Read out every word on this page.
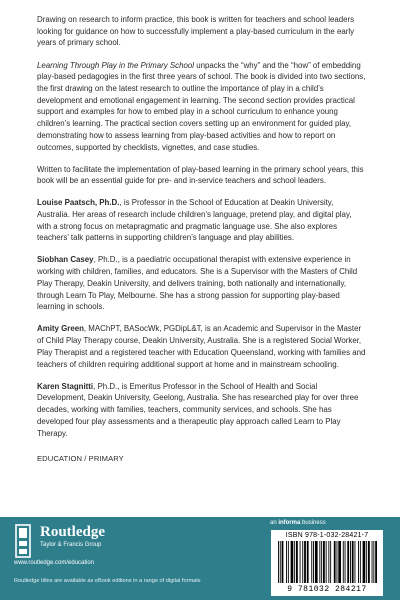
Drawing on research to inform practice, this book is written for teachers and school leaders looking for guidance on how to successfully implement a play-based curriculum in the early years of primary school.

Learning Through Play in the Primary School unpacks the “why” and the “how” of embedding play-based pedagogies in the first three years of school. The book is divided into two sections, the first drawing on the latest research to outline the importance of play in a child’s development and emotional engagement in learning. The second section provides practical support and examples for how to embed play in a school curriculum to enhance young children’s learning. The practical section covers setting up an environment for guided play, demonstrating how to assess learning from play-based activities and how to report on outcomes, supported by checklists, vignettes, and case studies.

Written to facilitate the implementation of play-based learning in the primary school years, this book will be an essential guide for pre- and in-service teachers and school leaders.

Louise Paatsch, Ph.D., is Professor in the School of Education at Deakin University, Australia. Her areas of research include children’s language, pretend play, and digital play, with a strong focus on metapragmatic and pragmatic language use. She also explores teachers’ talk patterns in supporting children’s language and play abilities.

Siobhan Casey, Ph.D., is a paediatric occupational therapist with extensive experience in working with children, families, and educators. She is a Supervisor with the Masters of Child Play Therapy, Deakin University, and delivers training, both nationally and internationally, through Learn To Play, Melbourne. She has a strong passion for supporting play-based learning in schools.

Amity Green, MAChPT, BASocWk, PGDipL&T, is an Academic and Supervisor in the Master of Child Play Therapy course, Deakin University, Australia. She is a registered Social Worker, Play Therapist and a registered teacher with Education Queensland, working with families and teachers of children requiring additional support at home and in mainstream schooling.

Karen Stagnitti, Ph.D., is Emeritus Professor in the School of Health and Social Development, Deakin University, Geelong, Australia. She has researched play for over three decades, working with families, teachers, community services, and schools. She has developed four play assessments and a therapeutic play approach called Learn to Play Therapy.

EDUCATION / PRIMARY
Routledge
Taylor & Francis Group
www.routledge.com/education
Routledge titles are available as eBook editions in a range of digital formats
an informa business
ISBN 978-1-032-28421-7
9 781032 284217
